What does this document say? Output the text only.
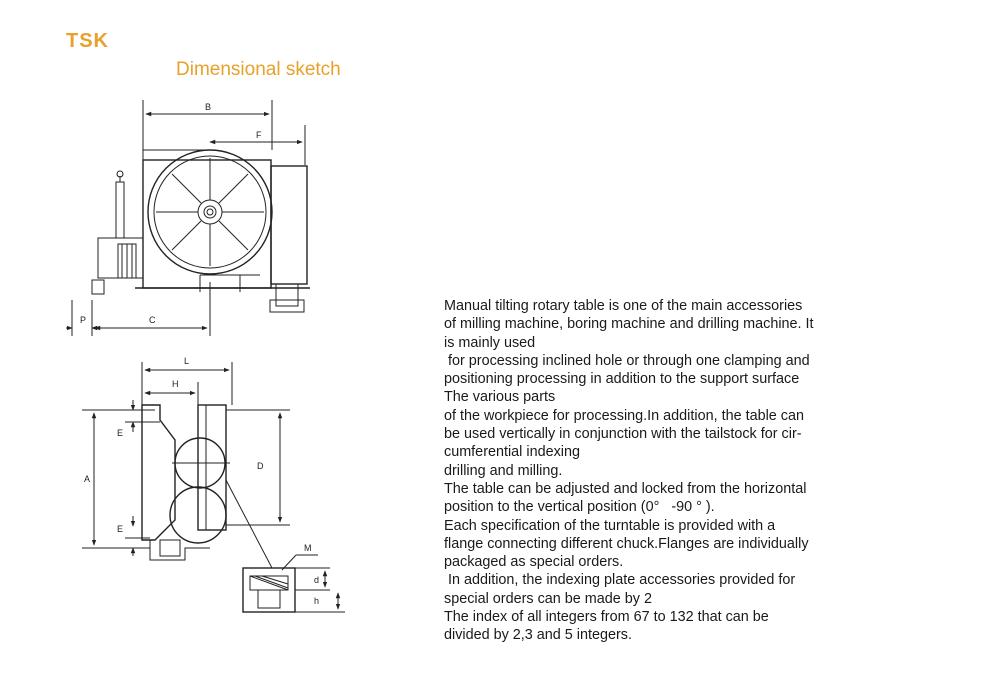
TSK
Dimensional sketch
B
F
P	C
L
H
A
D
E
E
M
d
h
Manual tilting rotary table is one of the main accessories
of milling machine, boring machine and drilling machine. It
is mainly used
for processing inclined hole or through one clamping and
positioning processing in addition to the support surface
The various parts
of the workpiece for processing.In addition, the table can
be used vertically in conjunction with the tailstock for cir-
cumferential indexing
drilling and milling.
The table can be adjusted and locked from the horizontal
position to the vertical position (0°   -90 ° ).
Each specification of the turntable is provided with a
flange connecting different chuck.Flanges are individually
packaged as special orders.
In addition, the indexing plate accessories provided for
special orders can be made by 2
The index of all integers from 67 to 132 that can be
divided by 2,3 and 5 integers.
